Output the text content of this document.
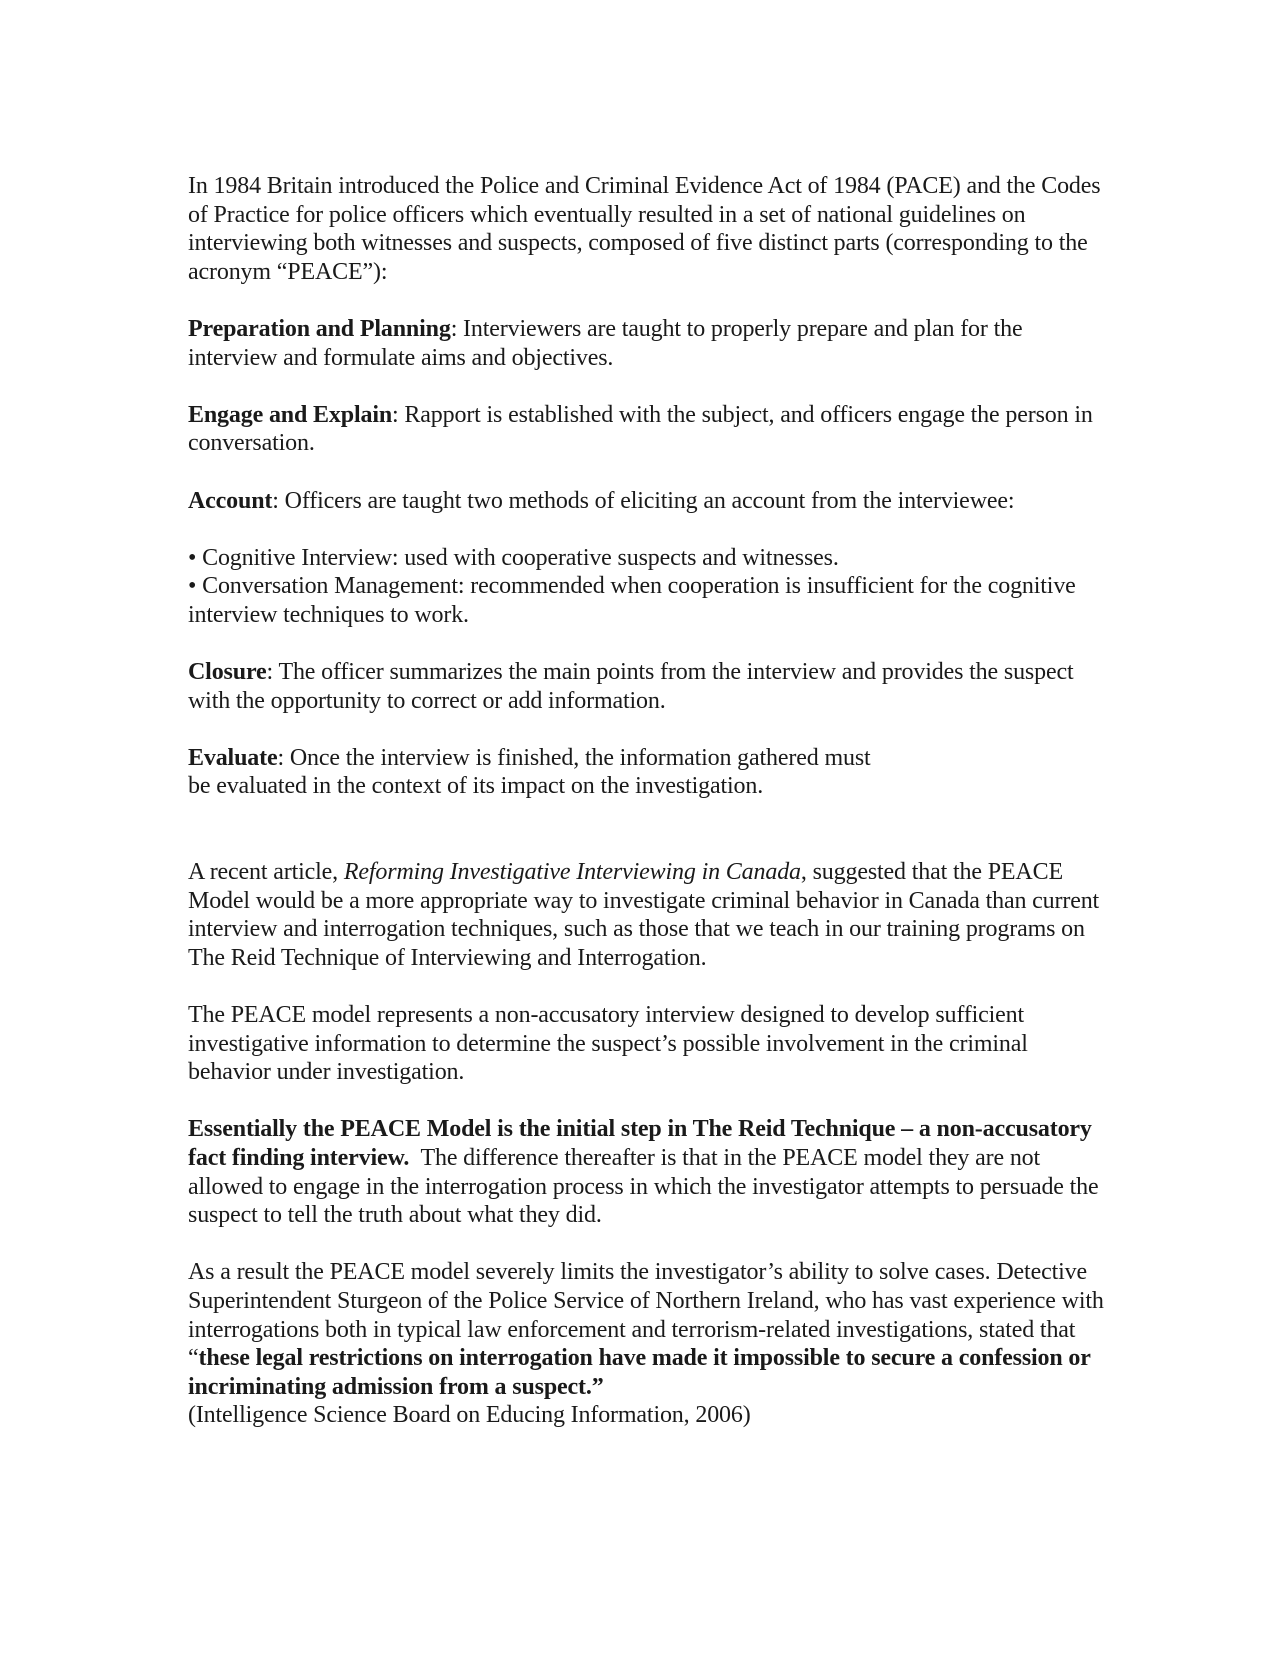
In 1984 Britain introduced the Police and Criminal Evidence Act of 1984 (PACE) and the Codes of Practice for police officers which eventually resulted in a set of national guidelines on interviewing both witnesses and suspects, composed of five distinct parts (corresponding to the acronym “PEACE”):

Preparation and Planning: Interviewers are taught to properly prepare and plan for the interview and formulate aims and objectives.

Engage and Explain: Rapport is established with the subject, and officers engage the person in conversation.

Account: Officers are taught two methods of eliciting an account from the interviewee:

• Cognitive Interview: used with cooperative suspects and witnesses.
• Conversation Management: recommended when cooperation is insufficient for the cognitive interview techniques to work.

Closure: The officer summarizes the main points from the interview and provides the suspect with the opportunity to correct or add information.

Evaluate: Once the interview is finished, the information gathered must
be evaluated in the context of its impact on the investigation.

A recent article, Reforming Investigative Interviewing in Canada, suggested that the PEACE Model would be a more appropriate way to investigate criminal behavior in Canada than current interview and interrogation techniques, such as those that we teach in our training programs on The Reid Technique of Interviewing and Interrogation.

The PEACE model represents a non-accusatory interview designed to develop sufficient investigative information to determine the suspect’s possible involvement in the criminal behavior under investigation.

Essentially the PEACE Model is the initial step in The Reid Technique – a non-accusatory fact finding interview.  The difference thereafter is that in the PEACE model they are not allowed to engage in the interrogation process in which the investigator attempts to persuade the suspect to tell the truth about what they did.

As a result the PEACE model severely limits the investigator’s ability to solve cases. Detective Superintendent Sturgeon of the Police Service of Northern Ireland, who has vast experience with interrogations both in typical law enforcement and terrorism-related investigations, stated that “these legal restrictions on interrogation have made it impossible to secure a confession or incriminating admission from a suspect.”
(Intelligence Science Board on Educing Information, 2006)
